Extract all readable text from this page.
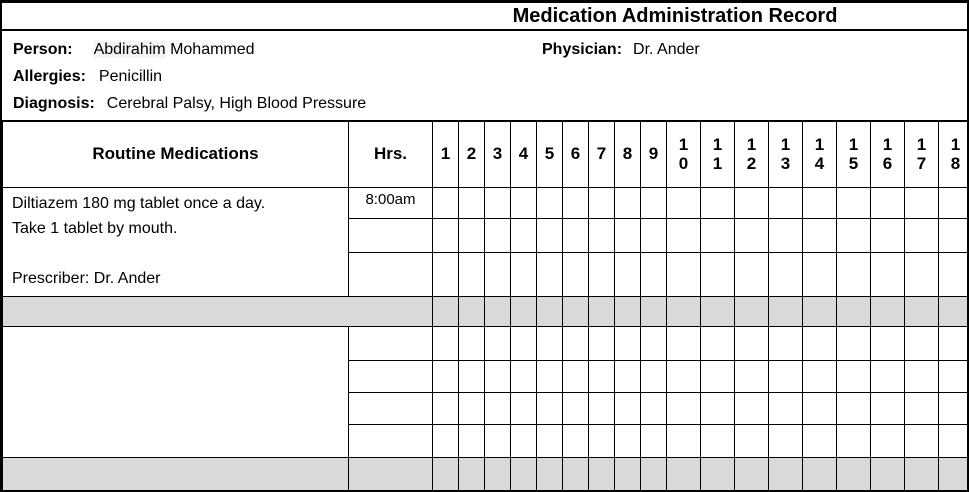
Medication Administration Record
Person: Abdirahim Mohammed	Physician: Dr. Ander
Allergies: Penicillin
Diagnosis: Cerebral Palsy, High Blood Pressure
Routine Medications	Hrs.	1	2	3	4	5	6	7	8	9	10	11	12	13	14	15	16	17	18

Diltiazem 180 mg tablet once a day.
Take 1 tablet by mouth.
Prescriber: Dr. Ander	8:00am																		
